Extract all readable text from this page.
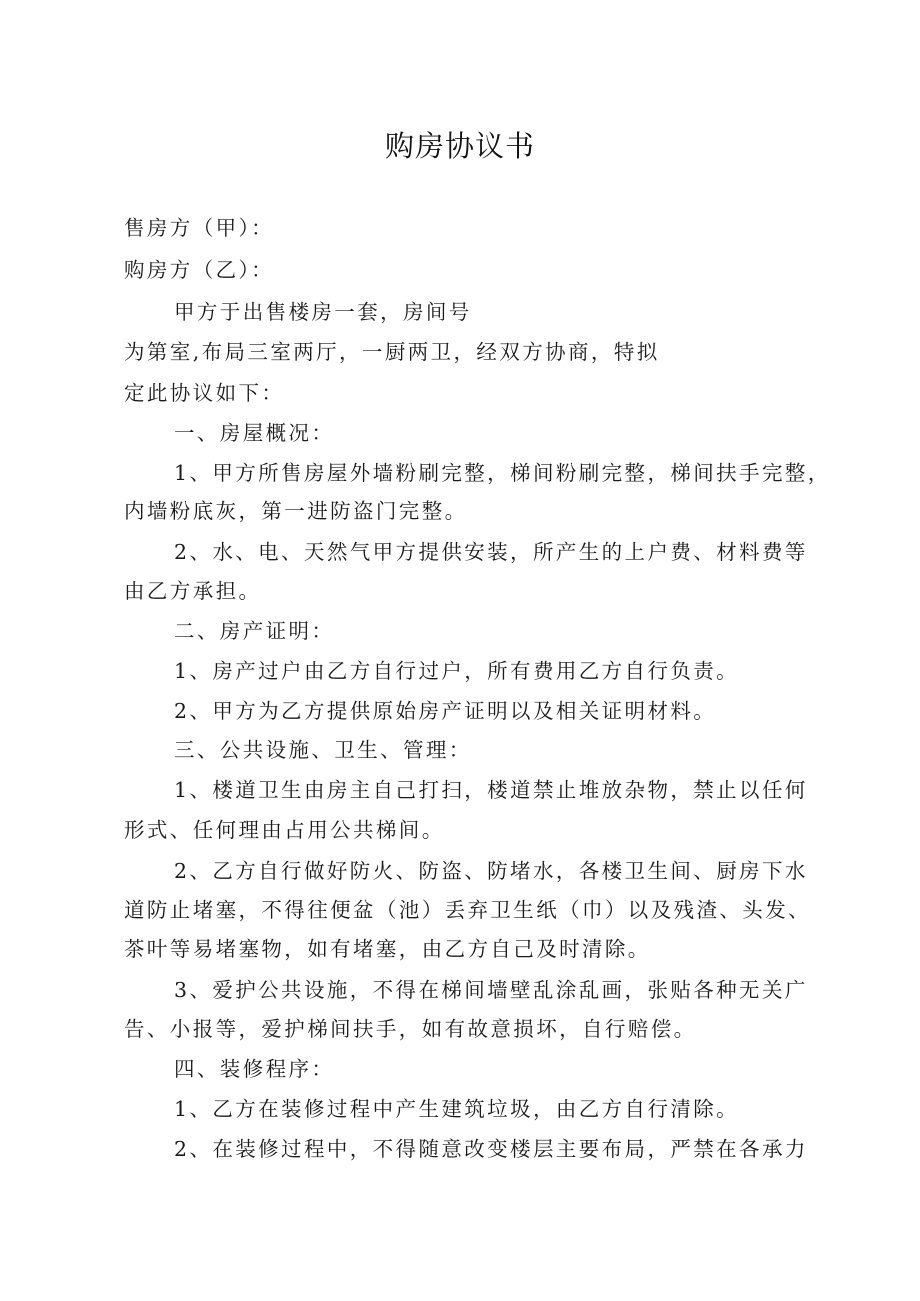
购房协议书
售房方（甲）：
购房方（乙）：
甲方于出售楼房一套，房间号
为第室,布局三室两厅，一厨两卫，经双方协商，特拟
定此协议如下：
一、房屋概况：
1、甲方所售房屋外墙粉刷完整，梯间粉刷完整，梯间扶手完整，
内墙粉底灰，第一进防盗门完整。
2、水、电、天然气甲方提供安装，所产生的上户费、材料费等
由乙方承担。
二、房产证明：
1、房产过户由乙方自行过户，所有费用乙方自行负责。
2、甲方为乙方提供原始房产证明以及相关证明材料。
三、公共设施、卫生、管理：
1、楼道卫生由房主自己打扫，楼道禁止堆放杂物，禁止以任何
形式、任何理由占用公共梯间。
2、乙方自行做好防火、防盗、防堵水，各楼卫生间、厨房下水
道防止堵塞，不得往便盆（池）丢弃卫生纸（巾）以及残渣、头发、
茶叶等易堵塞物，如有堵塞，由乙方自己及时清除。
3、爱护公共设施，不得在梯间墙壁乱涂乱画，张贴各种无关广
告、小报等，爱护梯间扶手，如有故意损坏，自行赔偿。
四、装修程序：
1、乙方在装修过程中产生建筑垃圾，由乙方自行清除。
2、在装修过程中，不得随意改变楼层主要布局，严禁在各承力
